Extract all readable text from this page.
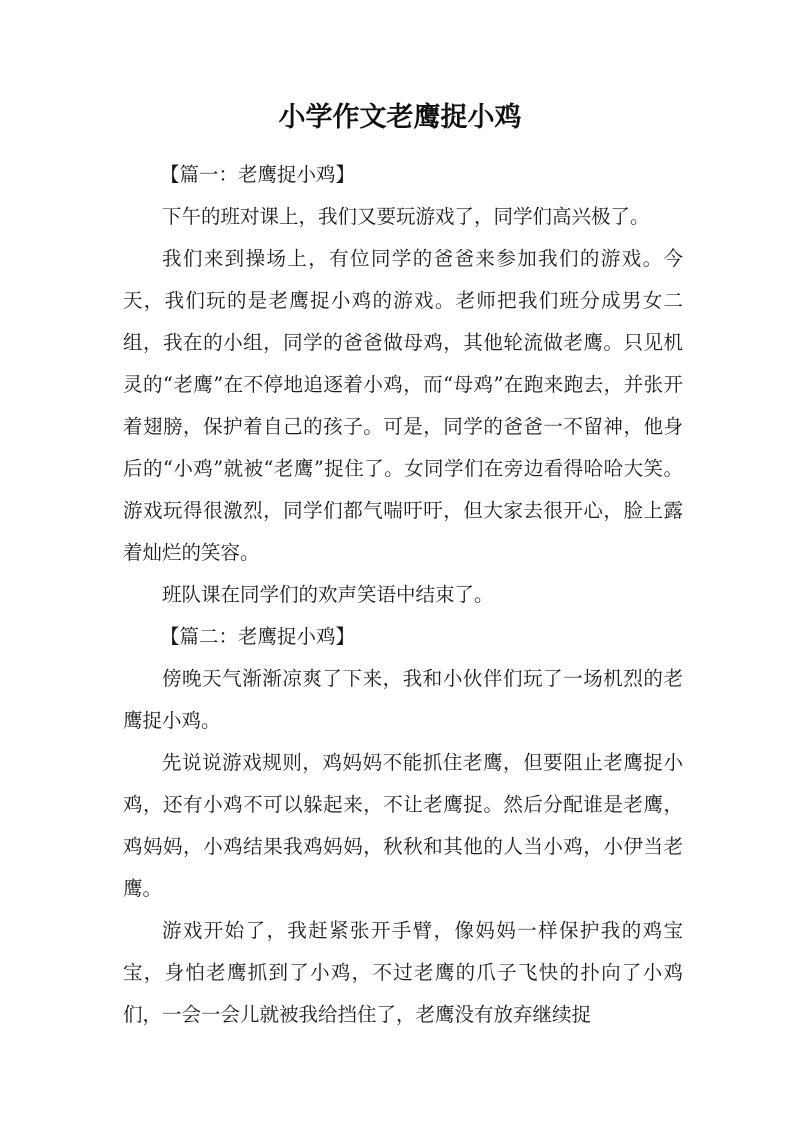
小学作文老鹰捉小鸡

【篇一：老鹰捉小鸡】

下午的班对课上，我们又要玩游戏了，同学们高兴极了。

我们来到操场上，有位同学的爸爸来参加我们的游戏。今天，我们玩的是老鹰捉小鸡的游戏。老师把我们班分成男女二组，我在的小组，同学的爸爸做母鸡，其他轮流做老鹰。只见机灵的“老鹰”在不停地追逐着小鸡，而“母鸡”在跑来跑去，并张开着翅膀，保护着自己的孩子。可是，同学的爸爸一不留神，他身后的“小鸡”就被“老鹰”捉住了。女同学们在旁边看得哈哈大笑。游戏玩得很激烈，同学们都气喘吁吁，但大家去很开心，脸上露着灿烂的笑容。

班队课在同学们的欢声笑语中结束了。

【篇二：老鹰捉小鸡】

傍晚天气渐渐凉爽了下来，我和小伙伴们玩了一场机烈的老鹰捉小鸡。

先说说游戏规则，鸡妈妈不能抓住老鹰，但要阻止老鹰捉小鸡，还有小鸡不可以躲起来，不让老鹰捉。然后分配谁是老鹰，鸡妈妈，小鸡结果我鸡妈妈，秋秋和其他的人当小鸡，小伊当老鹰。

游戏开始了，我赶紧张开手臂，像妈妈一样保护我的鸡宝宝，身怕老鹰抓到了小鸡，不过老鹰的爪子飞快的扑向了小鸡们，一会一会儿就被我给挡住了，老鹰没有放弃继续捉
